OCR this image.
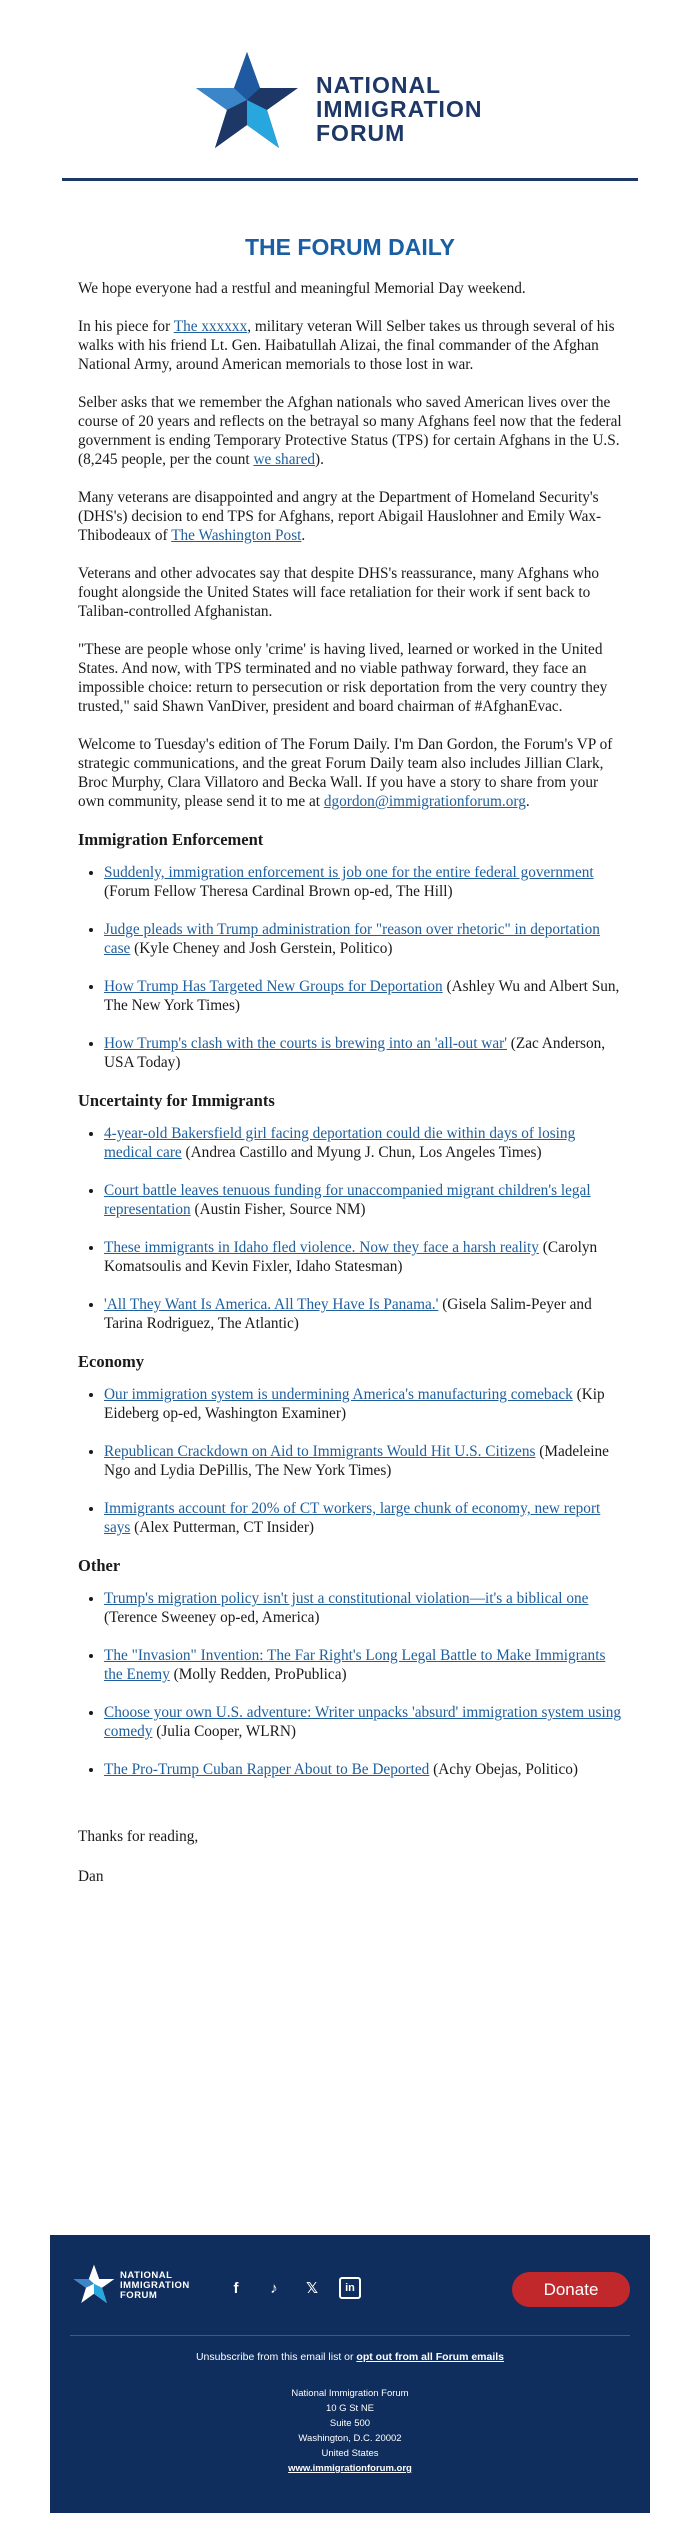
NATIONAL
IMMIGRATION
FORUM
THE FORUM DAILY

We hope everyone had a restful and meaningful Memorial Day weekend.

In his piece for The xxxxxx, military veteran Will Selber takes us through several of his walks with his friend Lt. Gen. Haibatullah Alizai, the final commander of the Afghan National Army, around American memorials to those lost in war.

Selber asks that we remember the Afghan nationals who saved American lives over the course of 20 years and reflects on the betrayal so many Afghans feel now that the federal government is ending Temporary Protective Status (TPS) for certain Afghans in the U.S. (8,245 people, per the count we shared).

Many veterans are disappointed and angry at the Department of Homeland Security's (DHS's) decision to end TPS for Afghans, report Abigail Hauslohner and Emily Wax-Thibodeaux of The Washington Post.

Veterans and other advocates say that despite DHS's reassurance, many Afghans who fought alongside the United States will face retaliation for their work if sent back to Taliban-controlled Afghanistan.

"These are people whose only 'crime' is having lived, learned or worked in the United States. And now, with TPS terminated and no viable pathway forward, they face an impossible choice: return to persecution or risk deportation from the very country they trusted," said Shawn VanDiver, president and board chairman of #AfghanEvac.

Welcome to Tuesday's edition of The Forum Daily. I'm Dan Gordon, the Forum's VP of strategic communications, and the great Forum Daily team also includes Jillian Clark, Broc Murphy, Clara Villatoro and Becka Wall. If you have a story to share from your own community, please send it to me at dgordon@immigrationforum.org.

Immigration Enforcement
• Suddenly, immigration enforcement is job one for the entire federal government (Forum Fellow Theresa Cardinal Brown op-ed, The Hill)
• Judge pleads with Trump administration for "reason over rhetoric" in deportation case (Kyle Cheney and Josh Gerstein, Politico)
• How Trump Has Targeted New Groups for Deportation (Ashley Wu and Albert Sun, The New York Times)
• How Trump's clash with the courts is brewing into an 'all-out war' (Zac Anderson, USA Today)
Uncertainty for Immigrants
• 4-year-old Bakersfield girl facing deportation could die within days of losing medical care (Andrea Castillo and Myung J. Chun, Los Angeles Times)
• Court battle leaves tenuous funding for unaccompanied migrant children's legal representation (Austin Fisher, Source NM)
• These immigrants in Idaho fled violence. Now they face a harsh reality (Carolyn Komatsoulis and Kevin Fixler, Idaho Statesman)
• 'All They Want Is America. All They Have Is Panama.' (Gisela Salim-Peyer and Tarina Rodriguez, The Atlantic)
Economy
• Our immigration system is undermining America's manufacturing comeback (Kip Eideberg op-ed, Washington Examiner)
• Republican Crackdown on Aid to Immigrants Would Hit U.S. Citizens (Madeleine Ngo and Lydia DePillis, The New York Times)
• Immigrants account for 20% of CT workers, large chunk of economy, new report says (Alex Putterman, CT Insider)
Other
• Trump's migration policy isn't just a constitutional violation—it's a biblical one (Terence Sweeney op-ed, America)
• The "Invasion" Invention: The Far Right's Long Legal Battle to Make Immigrants the Enemy (Molly Redden, ProPublica)
• Choose your own U.S. adventure: Writer unpacks 'absurd' immigration system using comedy (Julia Cooper, WLRN)
• The Pro-Trump Cuban Rapper About to Be Deported (Achy Obejas, Politico)

Thanks for reading,

Dan

NATIONAL
IMMIGRATION
FORUM	f	♪	𝕏	in	Donate
Unsubscribe from this email list or opt out from all Forum emails
National Immigration Forum
10 G St NE
Suite 500
Washington, D.C. 20002
United States
www.immigrationforum.org
